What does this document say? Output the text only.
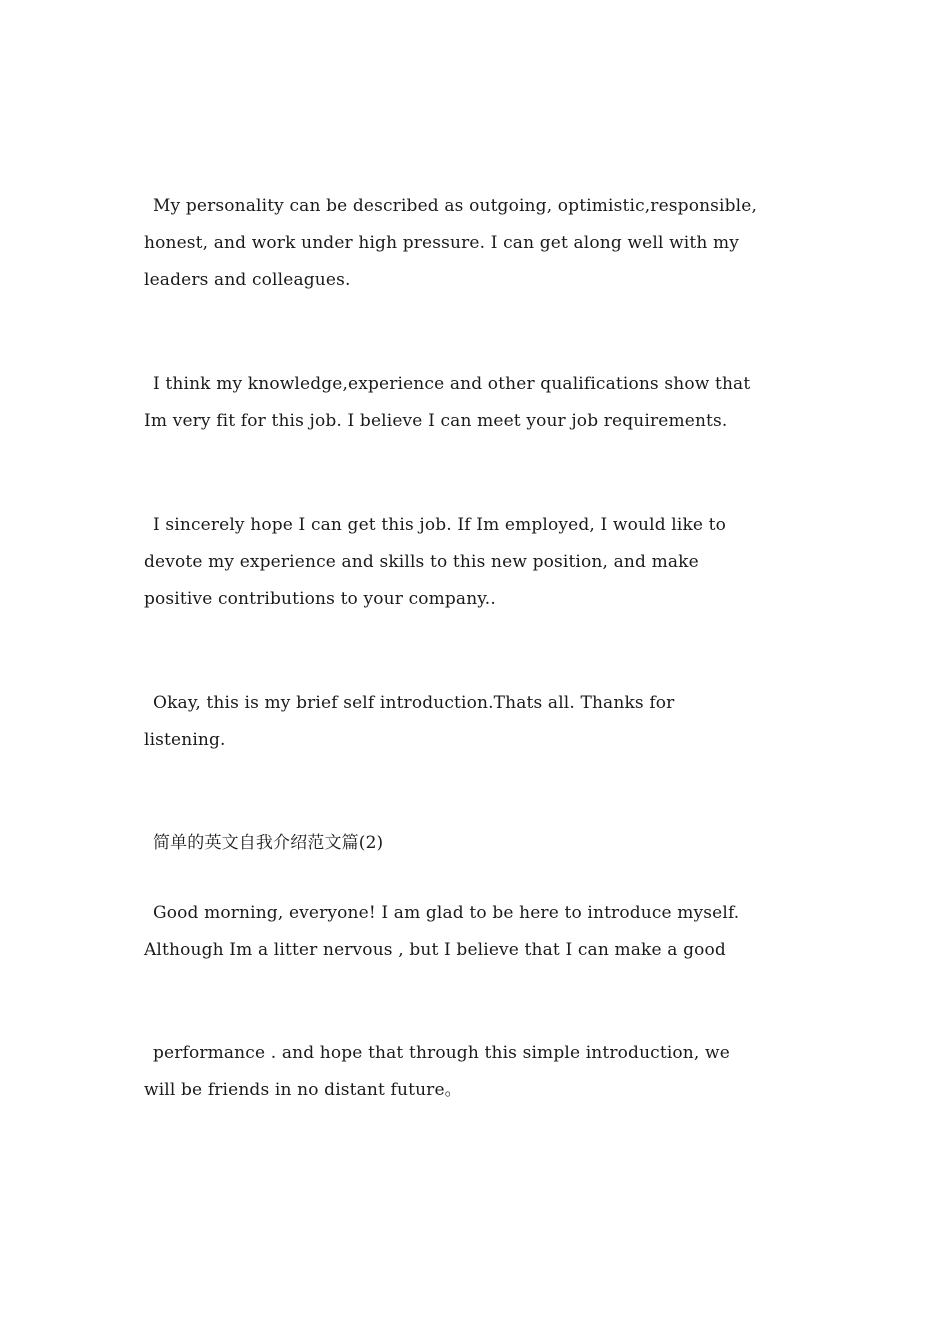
My personality can be described as outgoing, optimistic,responsible,

honest, and work under high pressure. I can get along well with my

leaders and colleagues.

I think my knowledge,experience and other qualifications show that

Im very fit for this job. I believe I can meet your job requirements.

I sincerely hope I can get this job. If Im employed, I would like to

devote my experience and skills to this new position, and make

positive contributions to your company..

Okay, this is my brief self introduction.Thats all. Thanks for

listening.

简单的英文自我介绍范文篇(2)

Good morning, everyone! I am glad to be here to introduce myself.

Although Im a litter nervous , but I believe that I can make a good

performance . and hope that through this simple introduction, we

will be friends in no distant future。
